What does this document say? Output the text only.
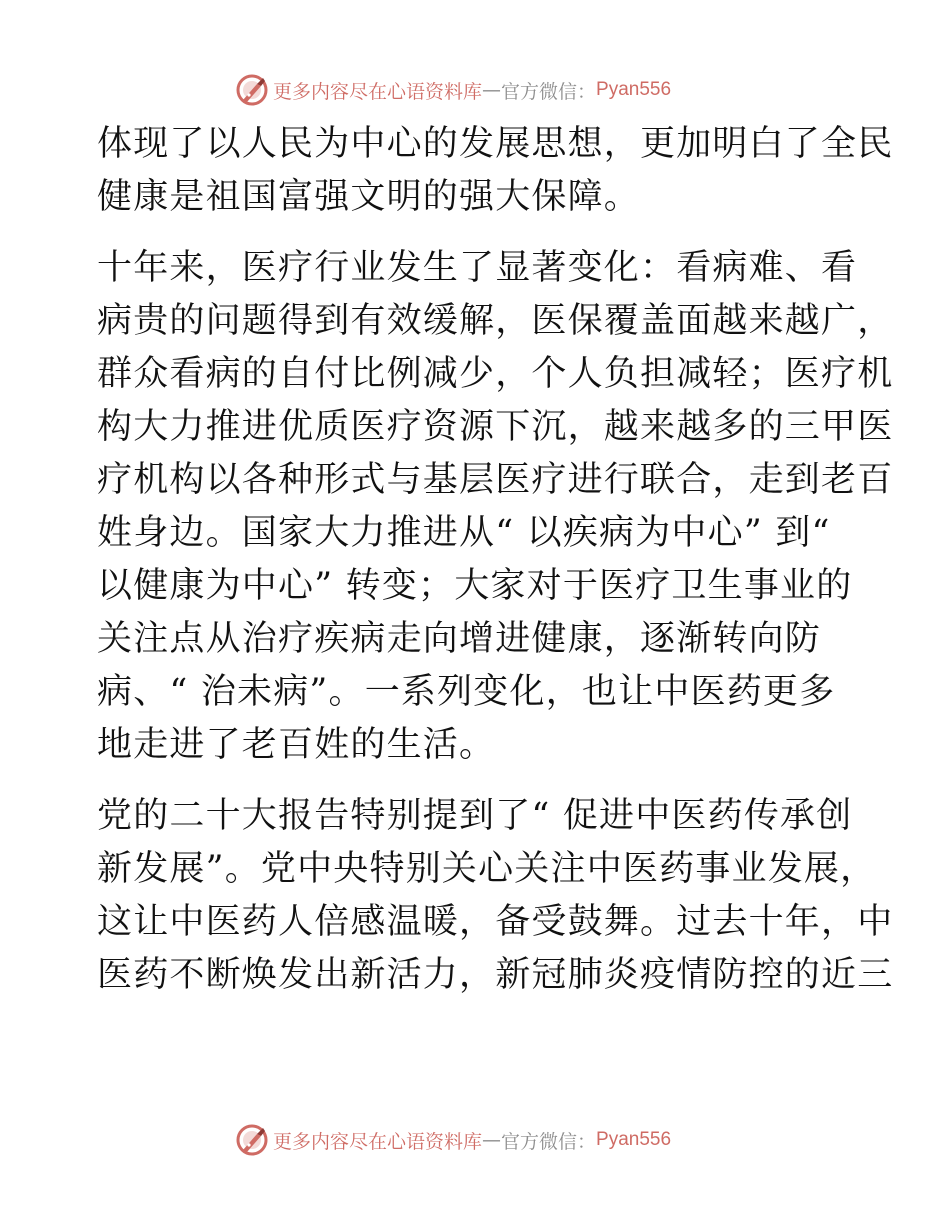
更多内容尽在心语资料库 — 官方微信： Pyan556
体现了以人民为中心的发展思想，更加明白了全民
健康是祖国富强文明的强大保障。
十年来，医疗行业发生了显著变化：看病难、看
病贵的问题得到有效缓解，医保覆盖面越来越广，
群众看病的自付比例减少，个人负担减轻；医疗机
构大力推进优质医疗资源下沉，越来越多的三甲医
疗机构以各种形式与基层医疗进行联合，走到老百
姓身边。国家大力推进从“ 以疾病为中心” 到“
以健康为中心” 转变；大家对于医疗卫生事业的
关注点从治疗疾病走向增进健康，逐渐转向防
病、“ 治未病”。一系列变化，也让中医药更多
地走进了老百姓的生活。
党的二十大报告特别提到了“ 促进中医药传承创
新发展”。党中央特别关心关注中医药事业发展，
这让中医药人倍感温暖，备受鼓舞。过去十年，中
医药不断焕发出新活力，新冠肺炎疫情防控的近三
更多内容尽在心语资料库 — 官方微信： Pyan556
